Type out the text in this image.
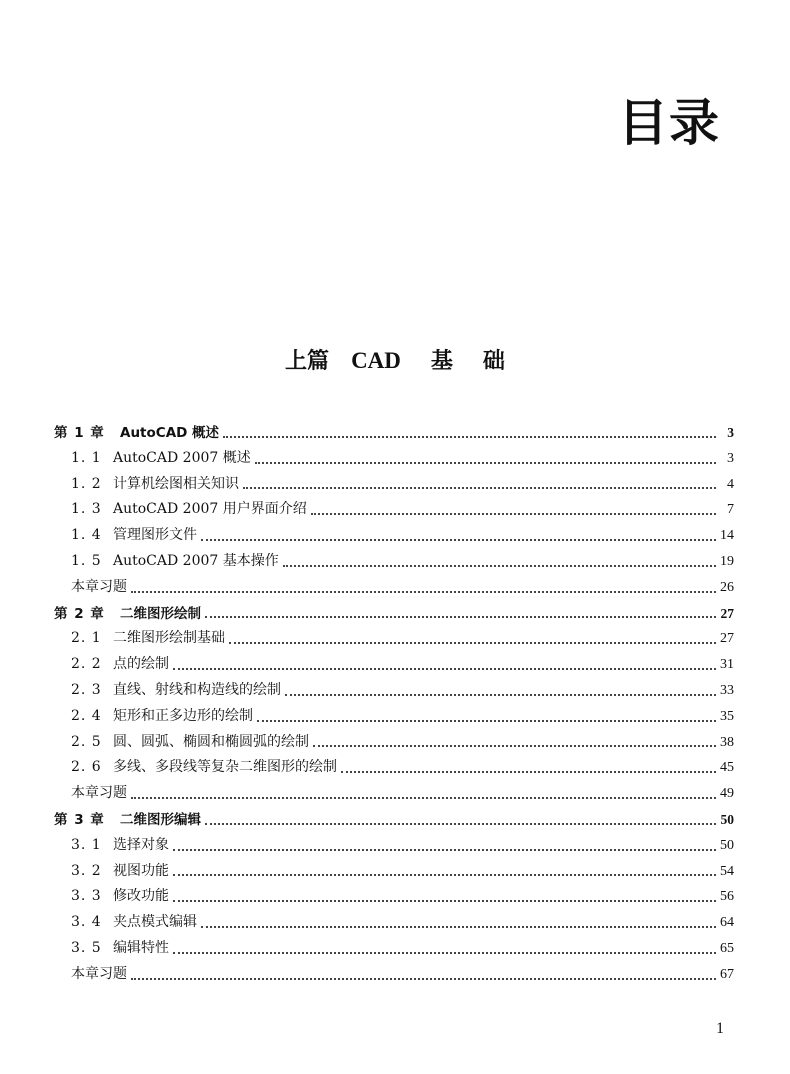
目录
上篇 CAD 基 础
第 1 章	AutoCAD 概述	3
1. 1 AutoCAD 2007 概述	3
1. 2 计算机绘图相关知识	4
1. 3 AutoCAD 2007 用户界面介绍	7
1. 4 管理图形文件	14
1. 5 AutoCAD 2007 基本操作	19
本章习题	26
第 2 章	二维图形绘制	27
2. 1 二维图形绘制基础	27
2. 2 点的绘制	31
2. 3 直线、射线和构造线的绘制	33
2. 4 矩形和正多边形的绘制	35
2. 5 圆、圆弧、椭圆和椭圆弧的绘制	38
2. 6 多线、多段线等复杂二维图形的绘制	45
本章习题	49
第 3 章	二维图形编辑	50
3. 1 选择对象	50
3. 2 视图功能	54
3. 3 修改功能	56
3. 4 夹点模式编辑	64
3. 5 编辑特性	65
本章习题	67
1
